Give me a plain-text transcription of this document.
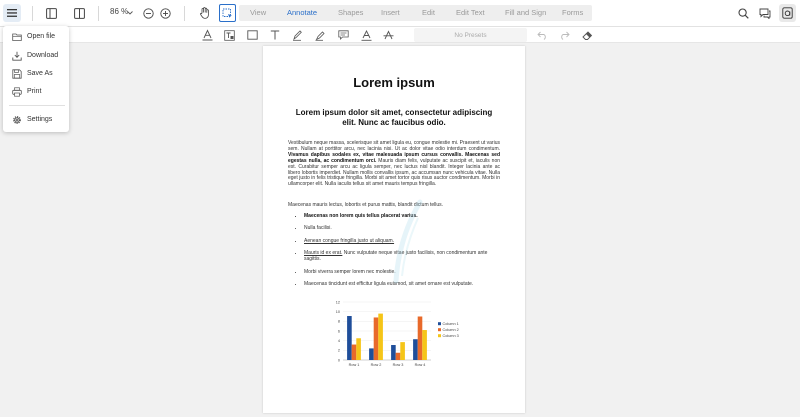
86 %	View	Annotate	Shapes Insert	Edit	Edit Text	Fill and Sign Forms
No Presets
Open file
Download
Save As
Print
Settings
Lorem ipsum
Lorem ipsum dolor sit amet, consectetur adipiscing elit. Nunc ac faucibus odio.

Vestibulum neque massa, scelerisque sit amet ligula eu, congue molestie mi. Praesent ut varius sem. Nullam at porttitor arcu, nec lacinia nisi. Ut ac dolor vitae odio interdum condimentum. Vivamus dapibus sodales ex, vitae malesuada ipsum cursus convallis. Maecenas sed egestas nulla, ac condimentum orci. Mauris diam felis, vulputate ac suscipit et, iaculis non est. Curabitur semper arcu ac ligula semper, nec luctus nisl blandit. Integer lacinia ante ac libero lobortis imperdiet. Nullam mollis convallis ipsum, ac accumsan nunc vehicula vitae. Nulla eget justo in felis tristique fringilla. Morbi sit amet tortor quis risus auctor condimentum. Morbi in ullamcorper elit. Nulla iaculis tellus sit amet mauris tempus fringilla.

Maecenas mauris lectus, lobortis et purus mattis, blandit dictum tellus.

• Maecenas non lorem quis tellus placerat varius.
• Nulla facilisi.
• Aenean congue fringilla justo ut aliquam.
• Mauris id ex erat. Nunc vulputate neque vitae justo facilisis, non condimentum ante sagittis.
• Morbi viverra semper lorem nec molestie.
• Maecenas tincidunt est efficitur ligula euismod, sit amet ornare est vulputate.
0
2
4
6
8
10
12
Row 1	Row 2	Row 3	Row 4
Column 1
Column 2
Column 3
